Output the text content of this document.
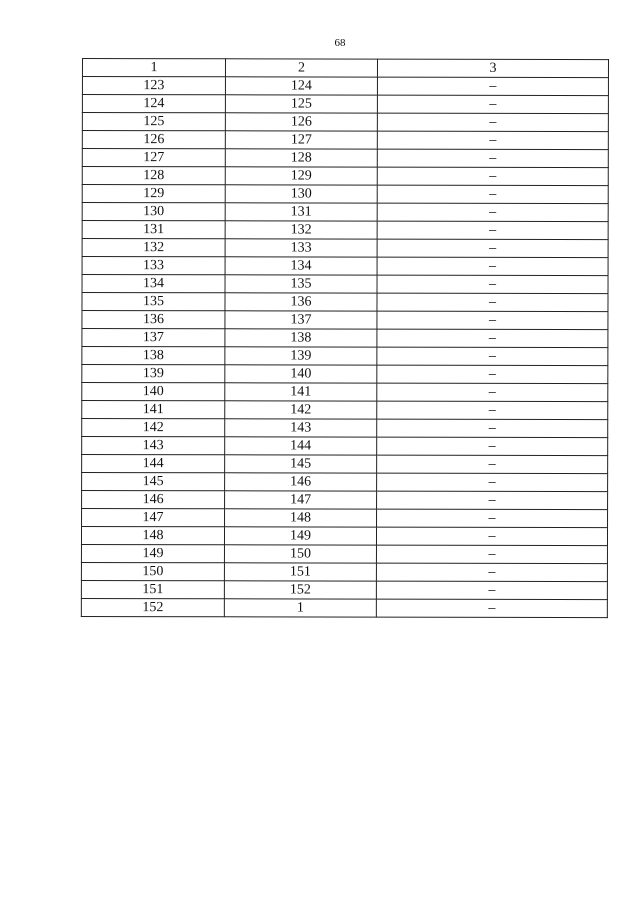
68
1	2	3
123	124	–
124	125	–
125	126	–
126	127	–
127	128	–
128	129	–
129	130	–
130	131	–
131	132	–
132	133	–
133	134	–
134	135	–
135	136	–
136	137	–
137	138	–
138	139	–
139	140	–
140	141	–
141	142	–
142	143	–
143	144	–
144	145	–
145	146	–
146	147	–
147	148	–
148	149	–
149	150	–
150	151	–
151	152	–
152	1	–
